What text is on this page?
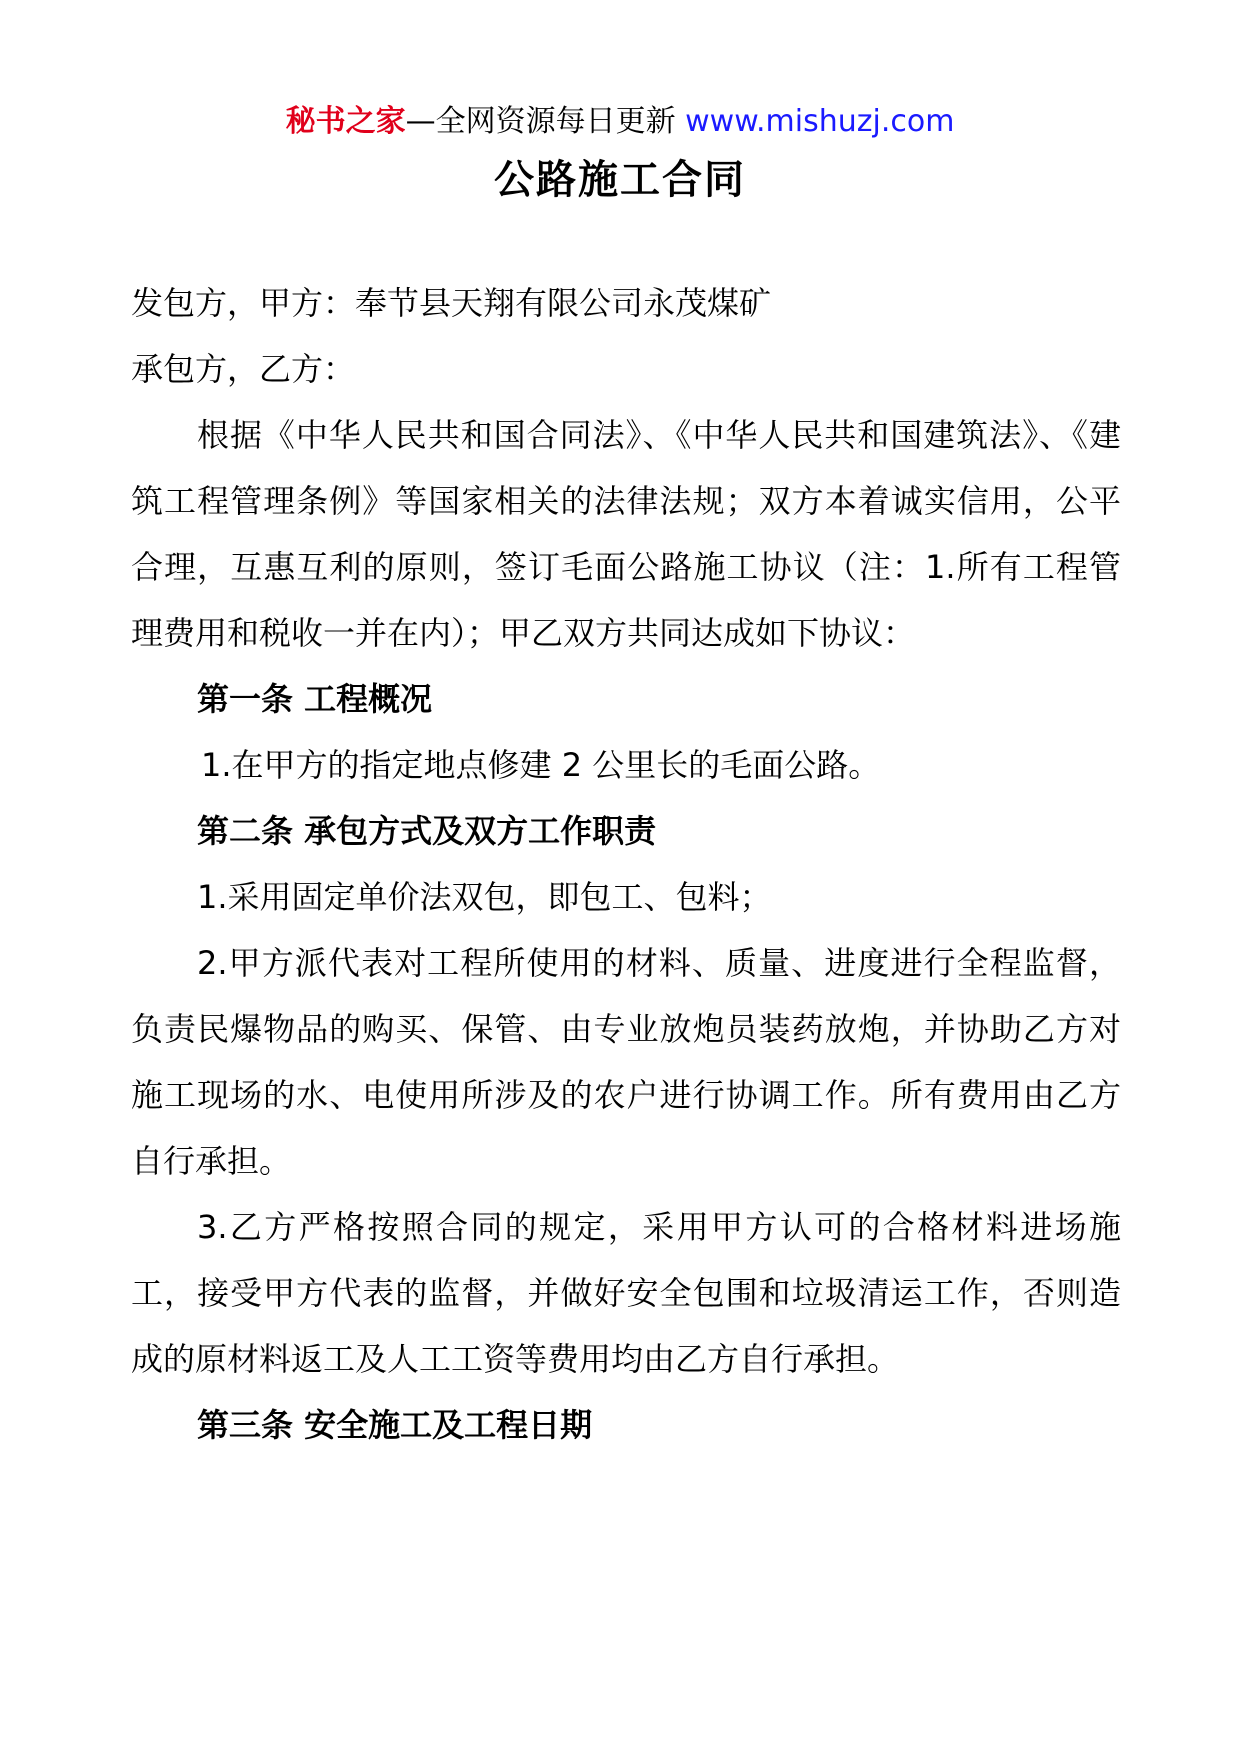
秘书之家—全网资源每日更新 www.mishuzj.com
公路施工合同

发包方，甲方：奉节县天翔有限公司永茂煤矿

承包方，乙方：

根据《中华人民共和国合同法》、《中华人民共和国建筑法》、《建筑工程管理条例》等国家相关的法律法规；双方本着诚实信用，公平合理，互惠互利的原则，签订毛面公路施工协议（注：1.所有工程管理费用和税收一并在内）；甲乙双方共同达成如下协议：

第一条 工程概况

1.在甲方的指定地点修建 2 公里长的毛面公路。

第二条 承包方式及双方工作职责

1.采用固定单价法双包，即包工、包料；

2.甲方派代表对工程所使用的材料、质量、进度进行全程监督，负责民爆物品的购买、保管、由专业放炮员装药放炮，并协助乙方对施工现场的水、电使用所涉及的农户进行协调工作。所有费用由乙方自行承担。

3.乙方严格按照合同的规定，采用甲方认可的合格材料进场施工，接受甲方代表的监督，并做好安全包围和垃圾清运工作，否则造成的原材料返工及人工工资等费用均由乙方自行承担。

第三条 安全施工及工程日期
